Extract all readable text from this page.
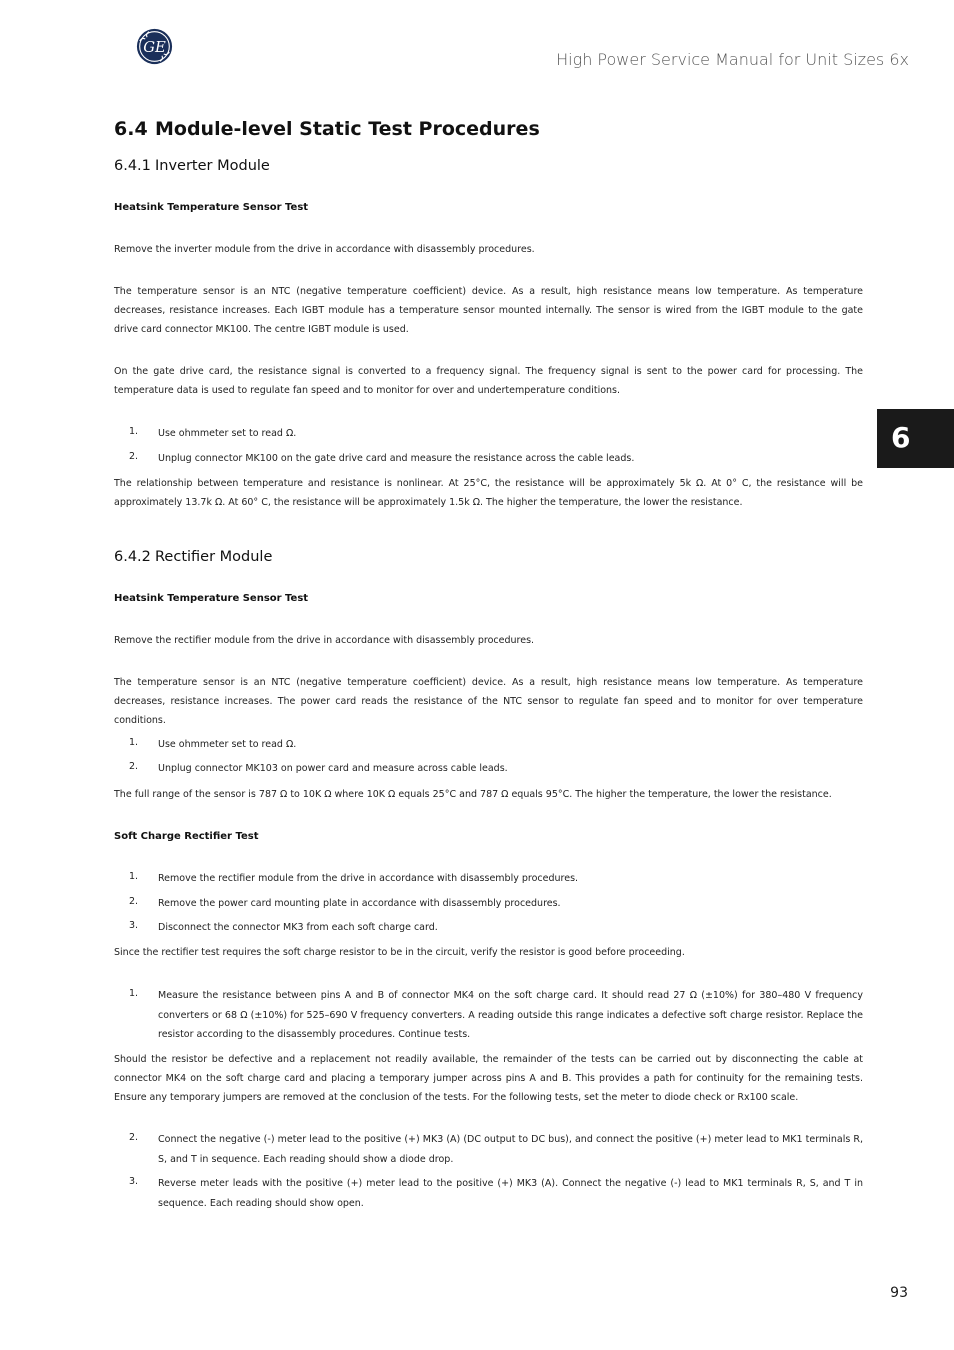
GE
High Power Service Manual for Unit Sizes 6x
6
6.4 Module-level Static Test Procedures
6.4.1 Inverter Module
Heatsink Temperature Sensor Test

Remove the inverter module from the drive in accordance with disassembly procedures.

The temperature sensor is an NTC (negative temperature coefficient) device. As a result, high resistance means low temperature. As temperature decreases, resistance increases. Each IGBT module has a temperature sensor mounted internally. The sensor is wired from the IGBT module to the gate drive card connector MK100. The centre IGBT module is used.

On the gate drive card, the resistance signal is converted to a frequency signal. The frequency signal is sent to the power card for processing. The temperature data is used to regulate fan speed and to monitor for over and undertemperature conditions.

1. Use ohmmeter set to read Ω.
2. Unplug connector MK100 on the gate drive card and measure the resistance across the cable leads.

The relationship between temperature and resistance is nonlinear. At 25°C, the resistance will be approximately 5k Ω. At 0° C, the resistance will be approximately 13.7k Ω. At 60° C, the resistance will be approximately 1.5k Ω. The higher the temperature, the lower the resistance.

6.4.2 Rectifier Module
Heatsink Temperature Sensor Test

Remove the rectifier module from the drive in accordance with disassembly procedures.

The temperature sensor is an NTC (negative temperature coefficient) device. As a result, high resistance means low temperature. As temperature decreases, resistance increases. The power card reads the resistance of the NTC sensor to regulate fan speed and to monitor for over temperature conditions.

1. Use ohmmeter set to read Ω.
2. Unplug connector MK103 on power card and measure across cable leads.

The full range of the sensor is 787 Ω to 10K Ω where 10K Ω equals 25°C and 787 Ω equals 95°C. The higher the temperature, the lower the resistance.

Soft Charge Rectifier Test
1. Remove the rectifier module from the drive in accordance with disassembly procedures.
2. Remove the power card mounting plate in accordance with disassembly procedures.
3. Disconnect the connector MK3 from each soft charge card.

Since the rectifier test requires the soft charge resistor to be in the circuit, verify the resistor is good before proceeding.

1. Measure the resistance between pins A and B of connector MK4 on the soft charge card. It should read 27 Ω (±10%) for 380–480 V frequency converters or 68 Ω (±10%) for 525–690 V frequency converters. A reading outside this range indicates a defective soft charge resistor. Replace the resistor according to the disassembly procedures. Continue tests.

Should the resistor be defective and a replacement not readily available, the remainder of the tests can be carried out by disconnecting the cable at connector MK4 on the soft charge card and placing a temporary jumper across pins A and B. This provides a path for continuity for the remaining tests. Ensure any temporary jumpers are removed at the conclusion of the tests. For the following tests, set the meter to diode check or Rx100 scale.

2. Connect the negative (-) meter lead to the positive (+) MK3 (A) (DC output to DC bus), and connect the positive (+) meter lead to MK1 terminals R, S, and T in sequence. Each reading should show a diode drop.
3. Reverse meter leads with the positive (+) meter lead to the positive (+) MK3 (A). Connect the negative (-) lead to MK1 terminals R, S, and T in sequence. Each reading should show open.
93
